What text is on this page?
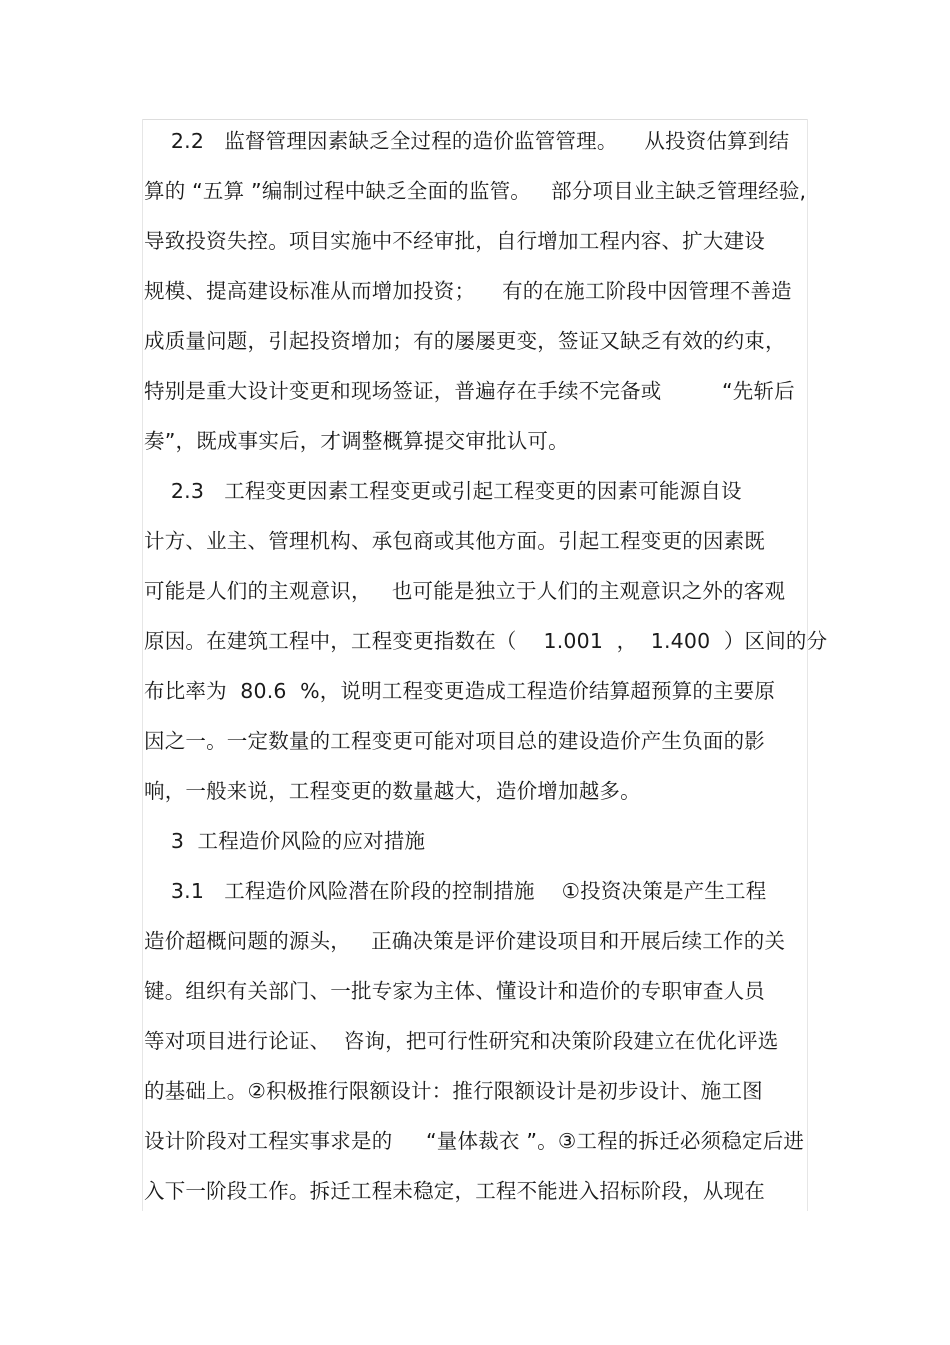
2.2   监督管理因素缺乏全过程的造价监管管理。    从投资估算到结
算的 “五算 ”编制过程中缺乏全面的监管。   部分项目业主缺乏管理经验,
导致投资失控。项目实施中不经审批，自行增加工程内容、扩大建设
规模、提高建设标准从而增加投资；    有的在施工阶段中因管理不善造
成质量问题，引起投资增加；有的屡屡更变，签证又缺乏有效的约束，
特别是重大设计变更和现场签证，普遍存在手续不完备或         “先斩后
奏”，既成事实后，才调整概算提交审批认可。
2.3   工程变更因素工程变更或引起工程变更的因素可能源自设
计方、业主、管理机构、承包商或其他方面。引起工程变更的因素既
可能是人们的主观意识，   也可能是独立于人们的主观意识之外的客观
原因。在建筑工程中，工程变更指数在（    1.001  ，  1.400  ）区间的分
布比率为  80.6  %，说明工程变更造成工程造价结算超预算的主要原
因之一。一定数量的工程变更可能对项目总的建设造价产生负面的影
响，一般来说，工程变更的数量越大，造价增加越多。
3  工程造价风险的应对措施
3.1   工程造价风险潜在阶段的控制措施    ①投资决策是产生工程
造价超概问题的源头，   正确决策是评价建设项目和开展后续工作的关
键。组织有关部门、一批专家为主体、懂设计和造价的专职审查人员
等对项目进行论证、  咨询，把可行性研究和决策阶段建立在优化评选
的基础上。②积极推行限额设计：推行限额设计是初步设计、施工图
设计阶段对工程实事求是的     “量体裁衣 ”。③工程的拆迁必须稳定后进
入下一阶段工作。拆迁工程未稳定，工程不能进入招标阶段，从现在
